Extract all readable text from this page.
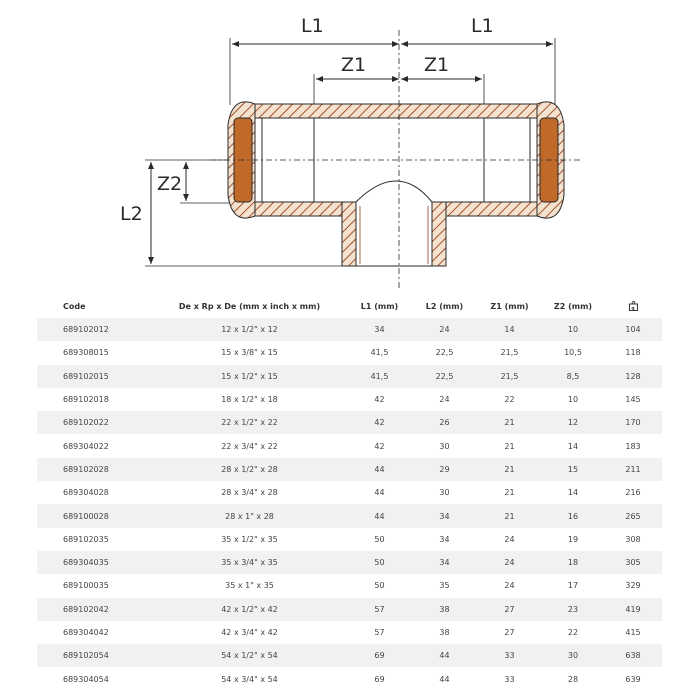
L1	L1
Z1	Z1
Z2
L2
Code	De x Rp x De (mm x inch x mm)	L1 (mm)	L2 (mm)	Z1 (mm)	Z2 (mm)	g

689102012	12 x 1/2" x 12	34	24	14	10	104
689308015	15 x 3/8" x 15	41,5	22,5	21,5	10,5	118
689102015	15 x 1/2" x 15	41,5	22,5	21,5	8,5	128
689102018	18 x 1/2" x 18	42	24	22	10	145
689102022	22 x 1/2" x 22	42	26	21	12	170
689304022	22 x 3/4" x 22	42	30	21	14	183
689102028	28 x 1/2" x 28	44	29	21	15	211
689304028	28 x 3/4" x 28	44	30	21	14	216
689100028	28 x 1" x 28	44	34	21	16	265
689102035	35 x 1/2" x 35	50	34	24	19	308
689304035	35 x 3/4" x 35	50	34	24	18	305
689100035	35 x 1" x 35	50	35	24	17	329
689102042	42 x 1/2" x 42	57	38	27	23	419
689304042	42 x 3/4" x 42	57	38	27	22	415
689102054	54 x 1/2" x 54	69	44	33	30	638
689304054	54 x 3/4" x 54	69	44	33	28	639
